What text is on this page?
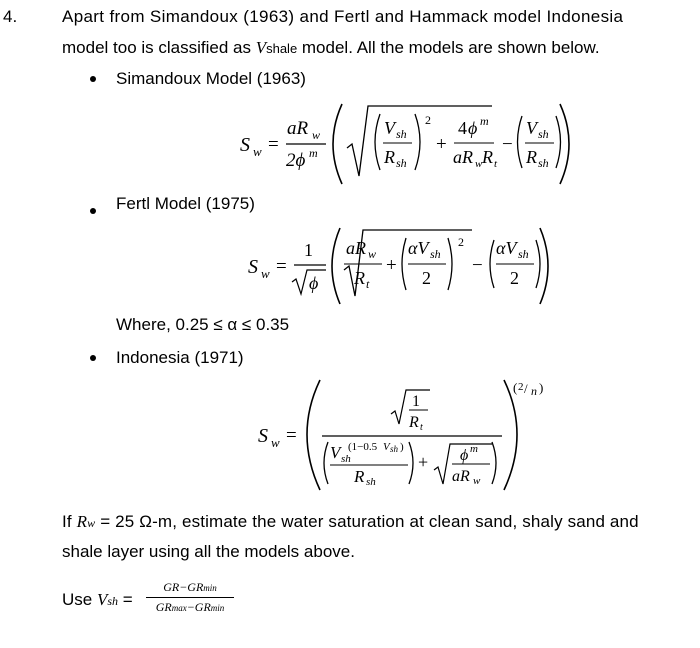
4.	Apart from Simandoux (1963) and Fertl and Hammack model Indonesia
model too is classified as Vshale model. All the models are shown below.
Simandoux Model (1963)
S w =
aR w
2ϕ m
V sh
R sh
2
+
4 ϕ m
aR w R t
−
V sh
R sh
Fertl Model (1975)
S w =
1
ϕ
aR w
R t
+
αV sh
2
2
−
αV sh
2
Where, 0.25 ≤ α ≤ 0.35
Indonesia (1971)
S w =
1
R t
V sh
(1−0.5 V sh )
R sh
+ ϕ m
aR w
( 2 / n )
If Rw = 25 Ω-m, estimate the water saturation at clean sand, shaly sand and
shale layer using all the models above.
Use Vsh =
GR−GRmin
GRmax−GRmin
